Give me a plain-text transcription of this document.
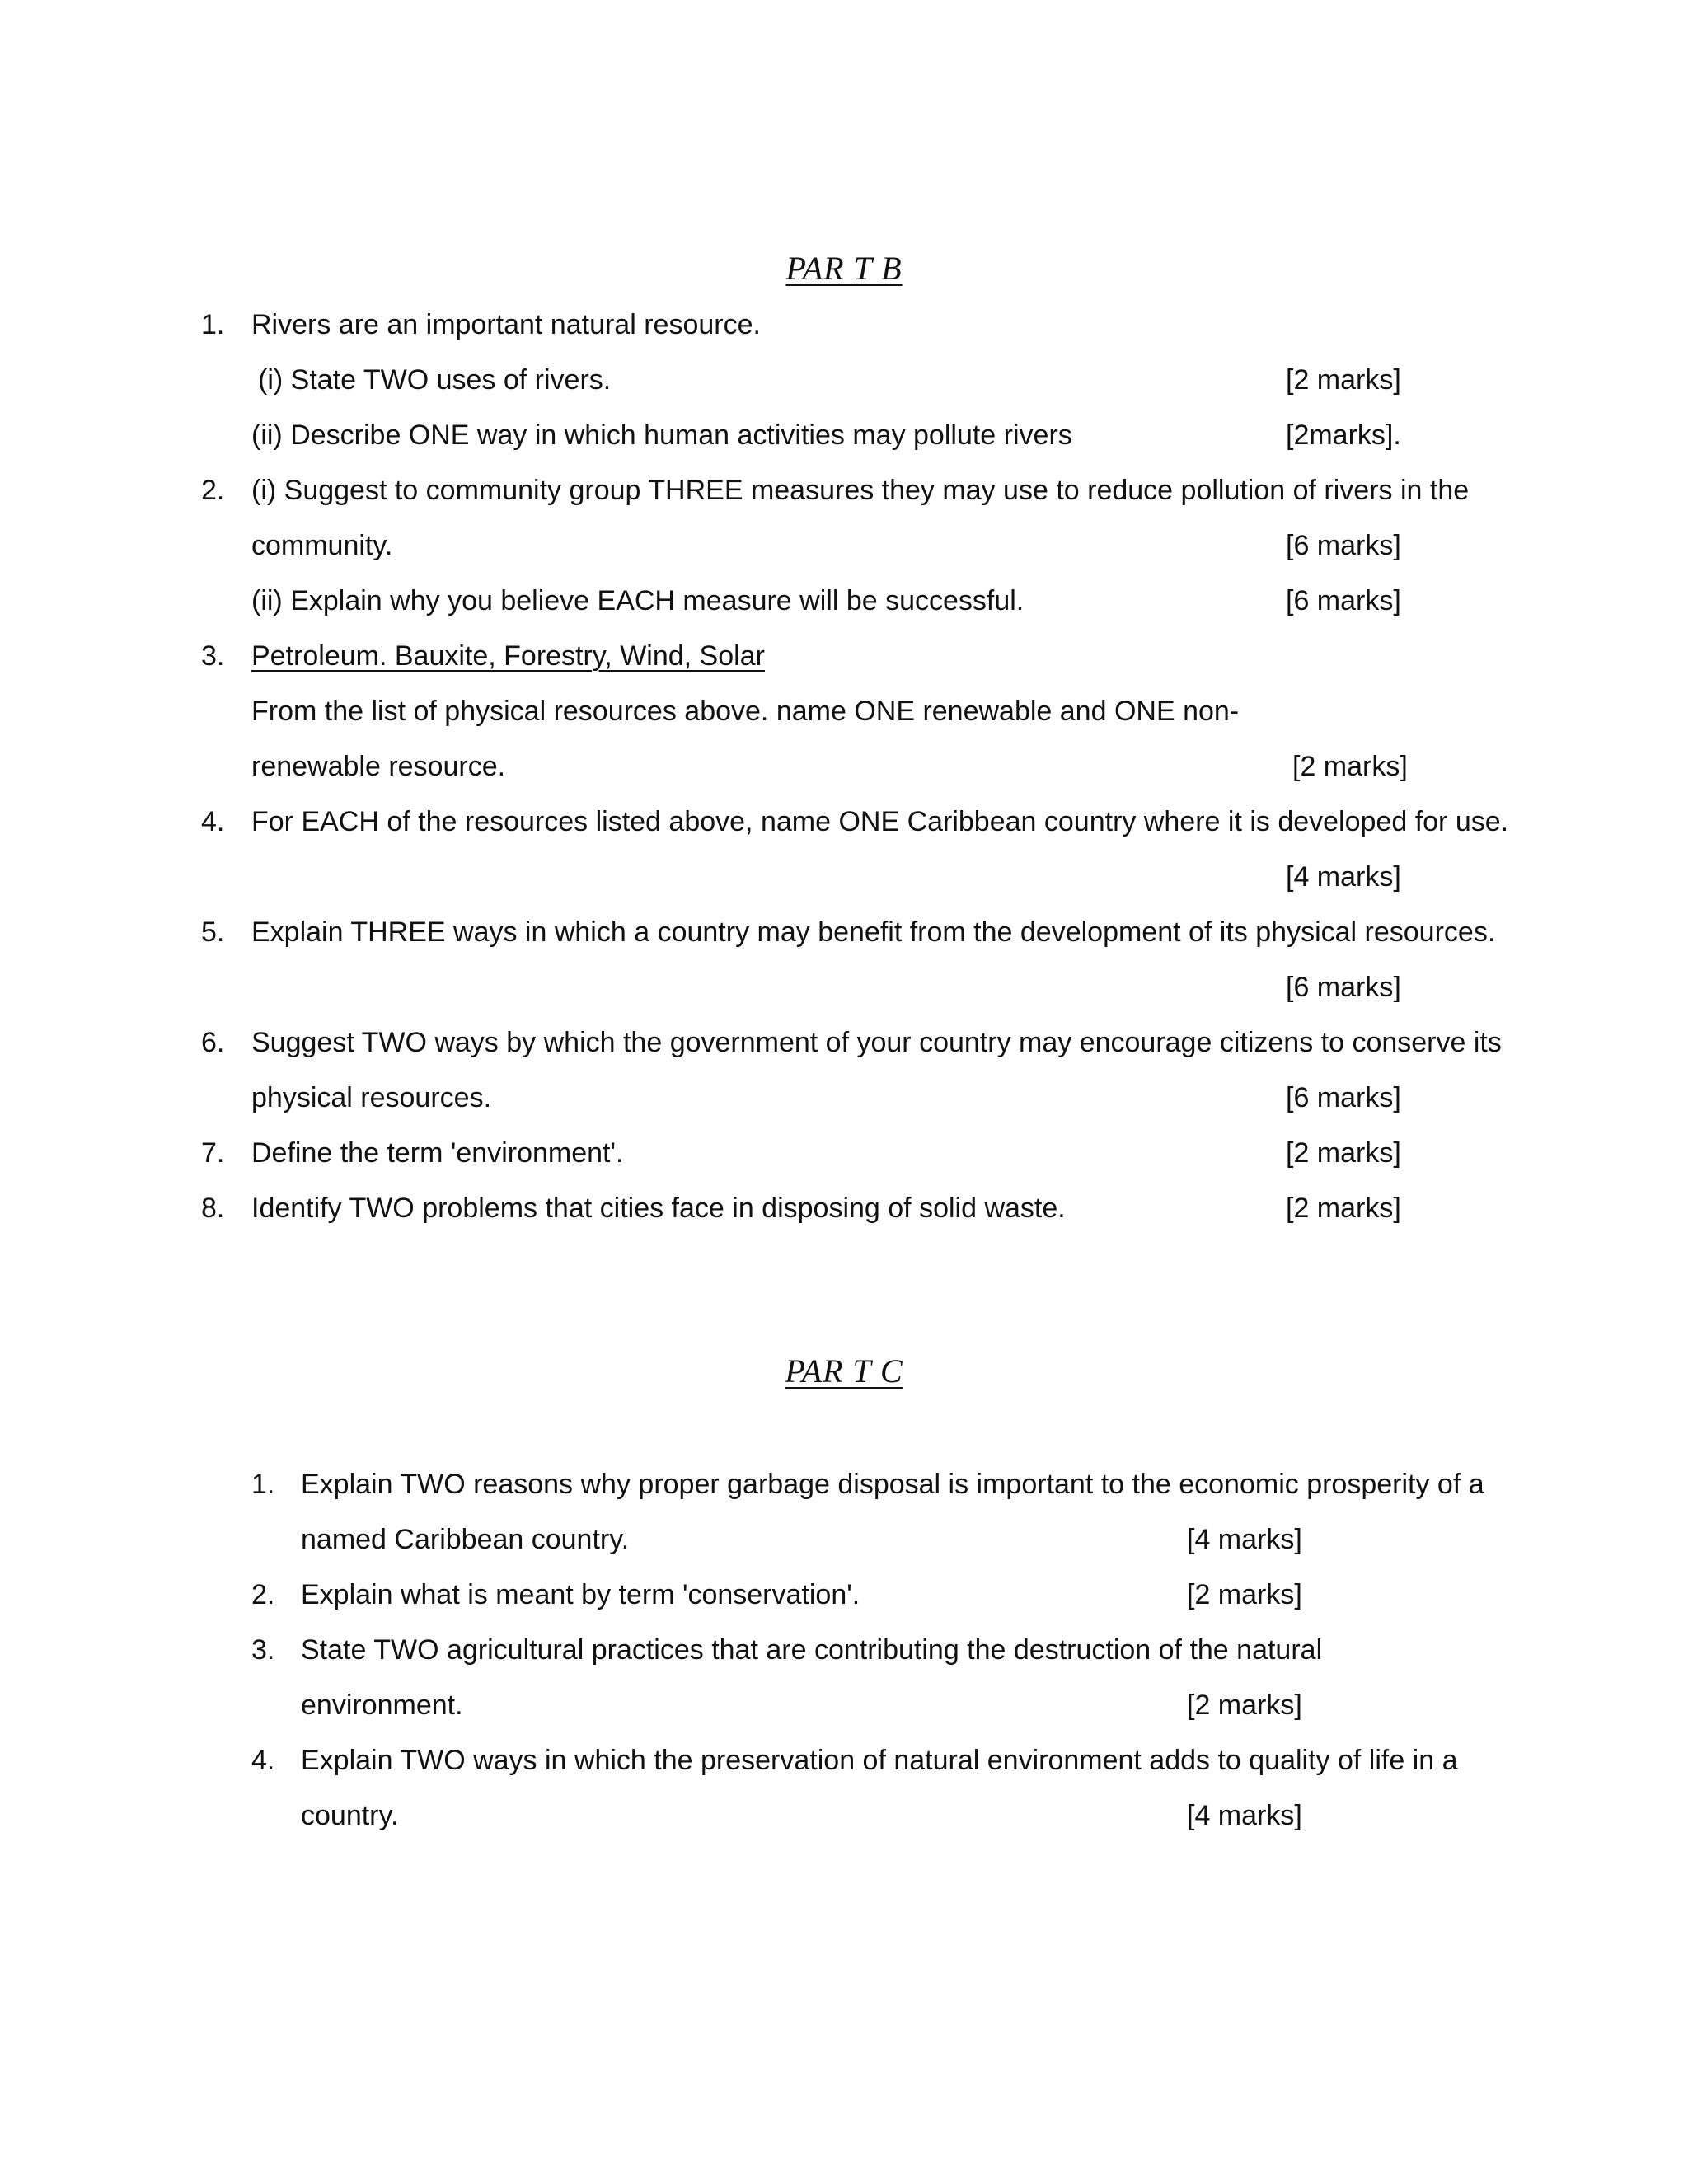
PAR T B
1. Rivers are an important natural resource.
(i) State TWO uses of rivers.	[2 marks]
(ii) Describe ONE way in which human activities may pollute rivers	[2marks].
2. (i) Suggest to community group THREE measures they may use to reduce pollution of rivers in the
community.	[6 marks]
(ii) Explain why you believe EACH measure will be successful.	[6 marks]
3. Petroleum. Bauxite, Forestry, Wind, Solar
From the list of physical resources above. name ONE renewable and ONE non-
renewable resource.	[2 marks]
4. For EACH of the resources listed above, name ONE Caribbean country where it is developed for use.
[4 marks]
5. Explain THREE ways in which a country may benefit from the development of its physical resources.
[6 marks]
6. Suggest TWO ways by which the government of your country may encourage citizens to conserve its
physical resources.	[6 marks]
7. Define the term 'environment'.	[2 marks]
8. Identify TWO problems that cities face in disposing of solid waste.	[2 marks]
PAR T C
1. Explain TWO reasons why proper garbage disposal is important to the economic prosperity of a
named Caribbean country.	[4 marks]
2. Explain what is meant by term 'conservation'.	[2 marks]
3. State TWO agricultural practices that are contributing the destruction of the natural
environment.	[2 marks]
4. Explain TWO ways in which the preservation of natural environment adds to quality of life in a
country.	[4 marks]
